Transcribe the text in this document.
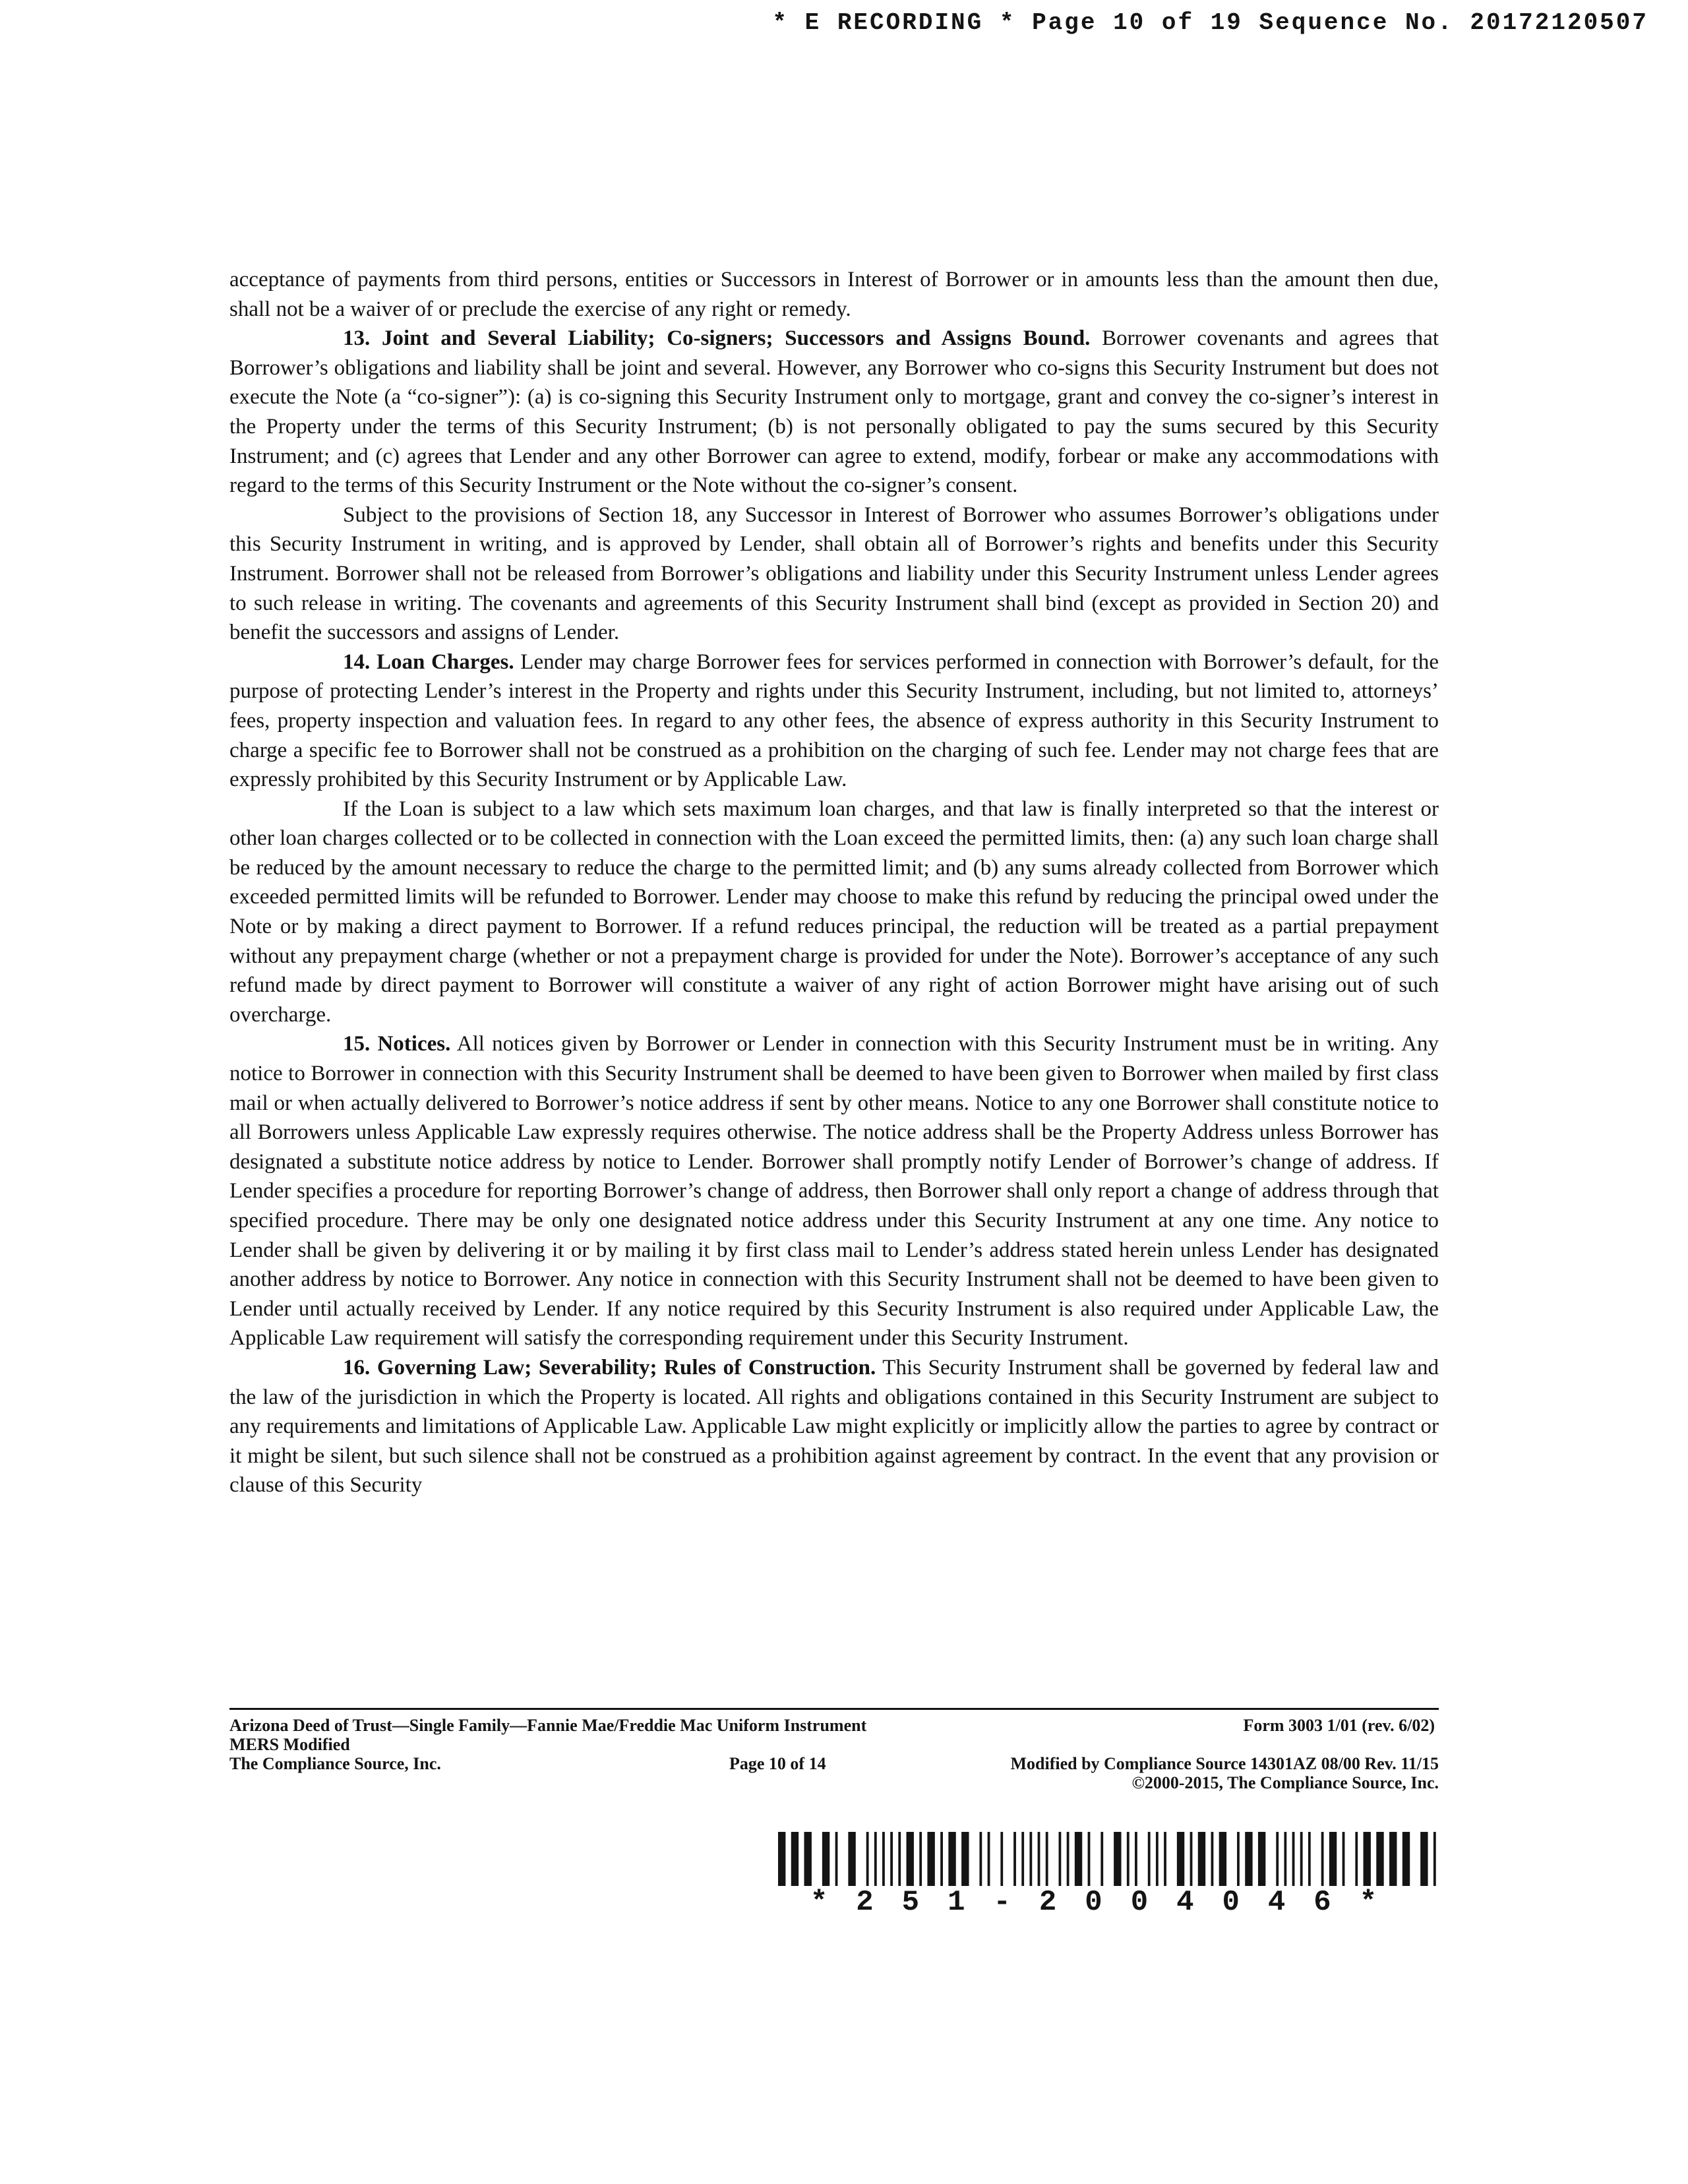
* E RECORDING * Page 10 of 19 Sequence No. 20172120507

acceptance of payments from third persons, entities or Successors in Interest of Borrower or in amounts less than the amount then due, shall not be a waiver of or preclude the exercise of any right or remedy.

13. Joint and Several Liability; Co-signers; Successors and Assigns Bound. Borrower covenants and agrees that Borrower’s obligations and liability shall be joint and several. However, any Borrower who co-signs this Security Instrument but does not execute the Note (a “co-signer”): (a) is co-signing this Security Instrument only to mortgage, grant and convey the co-signer’s interest in the Property under the terms of this Security Instrument; (b) is not personally obligated to pay the sums secured by this Security Instrument; and (c) agrees that Lender and any other Borrower can agree to extend, modify, forbear or make any accommodations with regard to the terms of this Security Instrument or the Note without the co-signer’s consent.

Subject to the provisions of Section 18, any Successor in Interest of Borrower who assumes Borrower’s obligations under this Security Instrument in writing, and is approved by Lender, shall obtain all of Borrower’s rights and benefits under this Security Instrument. Borrower shall not be released from Borrower’s obligations and liability under this Security Instrument unless Lender agrees to such release in writing. The covenants and agreements of this Security Instrument shall bind (except as provided in Section 20) and benefit the successors and assigns of Lender.

14. Loan Charges. Lender may charge Borrower fees for services performed in connection with Borrower’s default, for the purpose of protecting Lender’s interest in the Property and rights under this Security Instrument, including, but not limited to, attorneys’ fees, property inspection and valuation fees. In regard to any other fees, the absence of express authority in this Security Instrument to charge a specific fee to Borrower shall not be construed as a prohibition on the charging of such fee. Lender may not charge fees that are expressly prohibited by this Security Instrument or by Applicable Law.

If the Loan is subject to a law which sets maximum loan charges, and that law is finally interpreted so that the interest or other loan charges collected or to be collected in connection with the Loan exceed the permitted limits, then: (a) any such loan charge shall be reduced by the amount necessary to reduce the charge to the permitted limit; and (b) any sums already collected from Borrower which exceeded permitted limits will be refunded to Borrower. Lender may choose to make this refund by reducing the principal owed under the Note or by making a direct payment to Borrower. If a refund reduces principal, the reduction will be treated as a partial prepayment without any prepayment charge (whether or not a prepayment charge is provided for under the Note). Borrower’s acceptance of any such refund made by direct payment to Borrower will constitute a waiver of any right of action Borrower might have arising out of such overcharge.

15. Notices. All notices given by Borrower or Lender in connection with this Security Instrument must be in writing. Any notice to Borrower in connection with this Security Instrument shall be deemed to have been given to Borrower when mailed by first class mail or when actually delivered to Borrower’s notice address if sent by other means. Notice to any one Borrower shall constitute notice to all Borrowers unless Applicable Law expressly requires otherwise. The notice address shall be the Property Address unless Borrower has designated a substitute notice address by notice to Lender. Borrower shall promptly notify Lender of Borrower’s change of address. If Lender specifies a procedure for reporting Borrower’s change of address, then Borrower shall only report a change of address through that specified procedure. There may be only one designated notice address under this Security Instrument at any one time. Any notice to Lender shall be given by delivering it or by mailing it by first class mail to Lender’s address stated herein unless Lender has designated another address by notice to Borrower. Any notice in connection with this Security Instrument shall not be deemed to have been given to Lender until actually received by Lender. If any notice required by this Security Instrument is also required under Applicable Law, the Applicable Law requirement will satisfy the corresponding requirement under this Security Instrument.

16. Governing Law; Severability; Rules of Construction. This Security Instrument shall be governed by federal law and the law of the jurisdiction in which the Property is located. All rights and obligations contained in this Security Instrument are subject to any requirements and limitations of Applicable Law. Applicable Law might explicitly or implicitly allow the parties to agree by contract or it might be silent, but such silence shall not be construed as a prohibition against agreement by contract. In the event that any provision or clause of this Security

Arizona Deed of Trust—Single Family—Fannie Mae/Freddie Mac Uniform Instrument	Form 3003 1/01 (rev. 6/02)
MERS Modified
The Compliance Source, Inc.	Page 10 of 14	Modified by Compliance Source 14301AZ 08/00 Rev. 11/15
©2000-2015, The Compliance Source, Inc.
*251-2004046*
